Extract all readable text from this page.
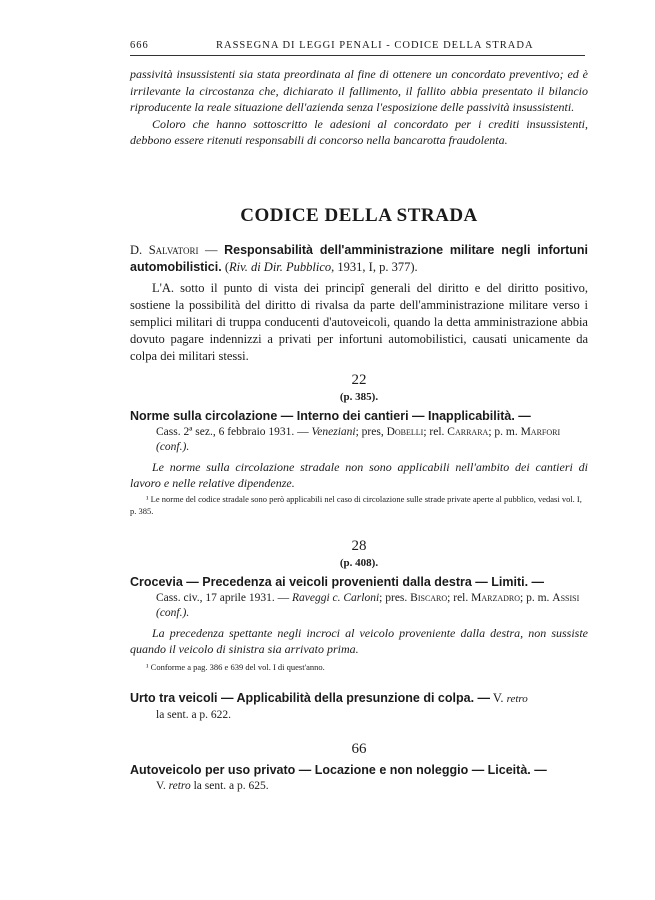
666	RASSEGNA DI LEGGI PENALI - CODICE DELLA STRADA

passività insussistenti sia stata preordinata al fine di ottenere un concordato preventivo; ed è irrilevante la circostanza che, dichiarato il fallimento, il fallito abbia presentato il bilancio riproducente la reale situazione dell'azienda senza l'esposizione delle passività insussistenti.

Coloro che hanno sottoscritto le adesioni al concordato per i crediti insussistenti, debbono essere ritenuti responsabili di concorso nella bancarotta fraudolenta.

CODICE DELLA STRADA

D. Salvatori — Responsabilità dell'amministrazione militare negli infortuni automobilistici. (Riv. di Dir. Pubblico, 1931, I, p. 377).

L'A. sotto il punto di vista dei principî generali del diritto e del diritto positivo, sostiene la possibilità del diritto di rivalsa da parte dell'amministrazione militare verso i semplici militari di truppa conducenti d'autoveicoli, quando la detta amministrazione abbia dovuto pagare indennizzi a privati per infortuni automobilistici, causati unicamente da colpa dei militari stessi.

22
(p. 385).

Norme sulla circolazione — Interno dei cantieri — Inapplicabilità. —

Cass. 2ª sez., 6 febbraio 1931. — Veneziani; pres, Dobelli; rel. Carrara; p. m. Marfori (conf.).

Le norme sulla circolazione stradale non sono applicabili nell'ambito dei cantieri di lavoro e nelle relative dipendenze.

¹ Le norme del codice stradale sono però applicabili nel caso di circolazione sulle strade private aperte al pubblico, vedasi vol. I, p. 385.

28
(p. 408).

Crocevia — Precedenza ai veicoli provenienti dalla destra — Limiti. —

Cass. civ., 17 aprile 1931. — Raveggi c. Carloni; pres. Biscaro; rel. Marzadro; p. m. Assisi (conf.).

La precedenza spettante negli incroci al veicolo proveniente dalla destra, non sussiste quando il veicolo di sinistra sia arrivato prima.

¹ Conforme a pag. 386 e 639 del vol. I di quest'anno.

Urto tra veicoli — Applicabilità della presunzione di colpa. — V. retro

la sent. a p. 622.

66

Autoveicolo per uso privato — Locazione e non noleggio — Liceità. —

V. retro la sent. a p. 625.
